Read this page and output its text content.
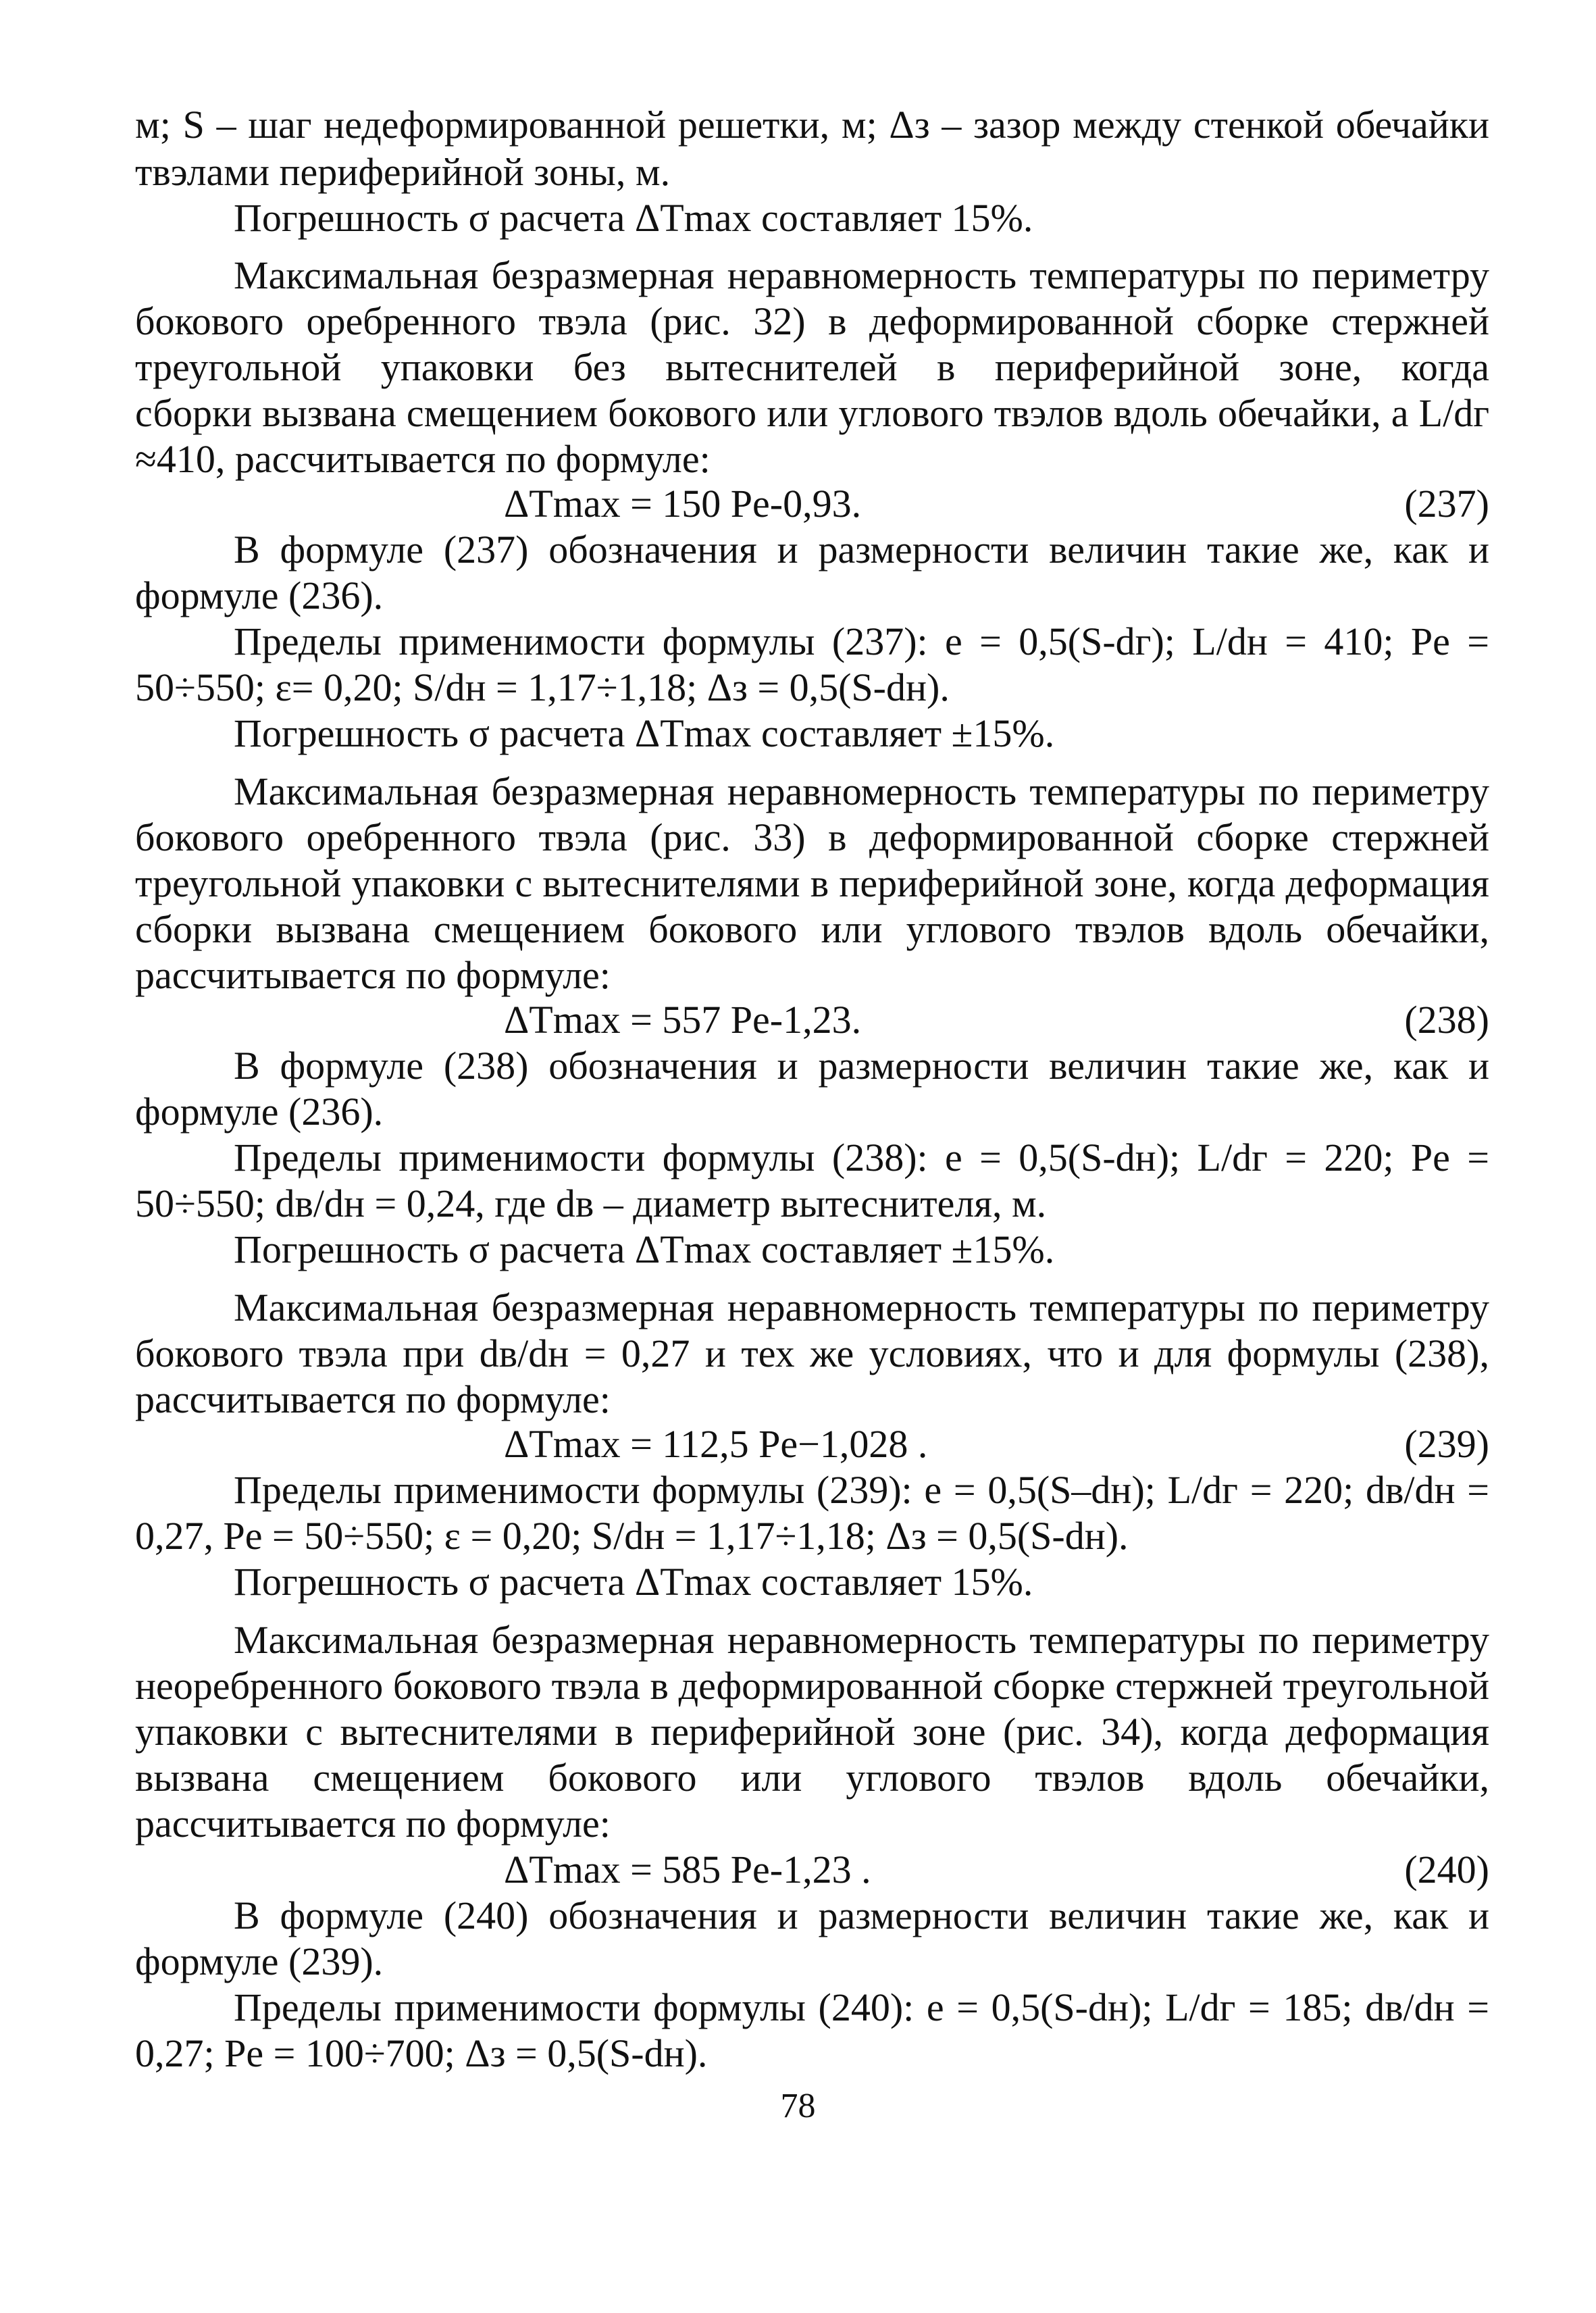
м; S – шаг недеформированной решетки, м; Δз – зазор между стенкой обечайки
твэлами периферийной зоны, м.
Погрешность σ расчета ΔTmax составляет 15%.
Максимальная безразмерная неравномерность температуры по периметру
бокового оребренного твэла (рис. 32) в деформированной сборке стержней
треугольной упаковки без вытеснителей в периферийной зоне, когда
сборки вызвана смещением бокового или углового твэлов вдоль обечайки, а L/dг
≈410, рассчитывается по формуле:
ΔTmax = 150 Pe-0,93.	(237)
В формуле (237) обозначения и размерности величин такие же, как и
формуле (236).
Пределы применимости формулы (237): e = 0,5(S-dг); L/dн = 410; Pe =
50÷550; ε= 0,20; S/dн = 1,17÷1,18; Δз = 0,5(S-dн).
Погрешность σ расчета ΔTmax составляет ±15%.
Максимальная безразмерная неравномерность температуры по периметру
бокового оребренного твэла (рис. 33) в деформированной сборке стержней
треугольной упаковки с вытеснителями в периферийной зоне, когда деформация
сборки вызвана смещением бокового или углового твэлов вдоль обечайки,
рассчитывается по формуле:
ΔTmax = 557 Pe-1,23.	(238)
В формуле (238) обозначения и размерности величин такие же, как и
формуле (236).
Пределы применимости формулы (238): e = 0,5(S-dн); L/dг = 220; Pe =
50÷550; dв/dн = 0,24, где dв – диаметр вытеснителя, м.
Погрешность σ расчета ΔTmax составляет ±15%.
Максимальная безразмерная неравномерность температуры по периметру
бокового твэла при dв/dн = 0,27 и тех же условиях, что и для формулы (238),
рассчитывается по формуле:
ΔTmax = 112,5 Pe−1,028 .	(239)
Пределы применимости формулы (239): e = 0,5(S–dн); L/dг = 220; dв/dн =
0,27, Pe = 50÷550; ε = 0,20; S/dн = 1,17÷1,18; Δз = 0,5(S-dн).
Погрешность σ расчета ΔTmax составляет 15%.
Максимальная безразмерная неравномерность температуры по периметру
неоребренного бокового твэла в деформированной сборке стержней треугольной
упаковки с вытеснителями в периферийной зоне (рис. 34), когда деформация
вызвана смещением бокового или углового твэлов вдоль обечайки,
рассчитывается по формуле:
ΔTmax = 585 Pe-1,23 .	(240)
В формуле (240) обозначения и размерности величин такие же, как и
формуле (239).
Пределы применимости формулы (240): e = 0,5(S-dн); L/dг = 185; dв/dн =
0,27; Pe = 100÷700; Δз = 0,5(S-dн).
78
